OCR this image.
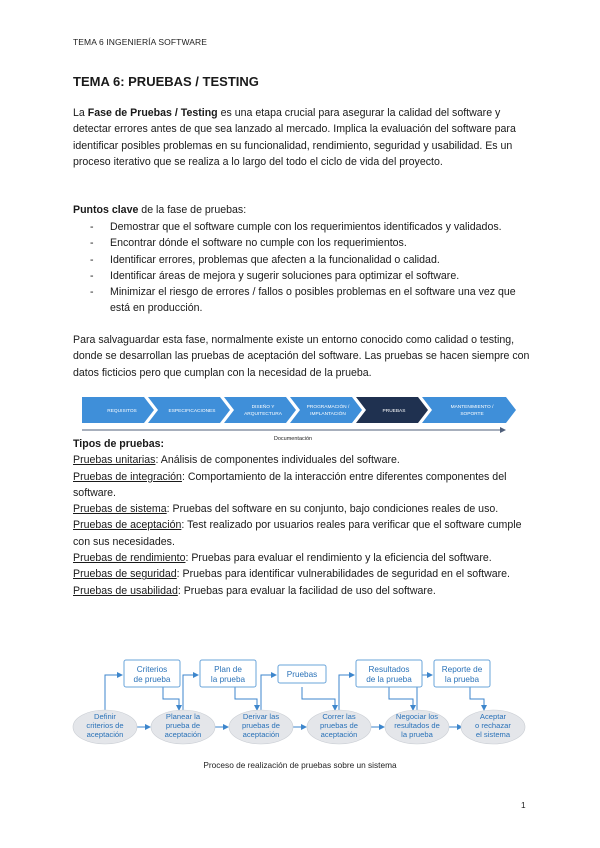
TEMA 6 INGENIERÍA SOFTWARE
TEMA 6: PRUEBAS / TESTING

La Fase de Pruebas / Testing es una etapa crucial para asegurar la calidad del software y detectar errores antes de que sea lanzado al mercado. Implica la evaluación del software para identificar posibles problemas en su funcionalidad, rendimiento, seguridad y usabilidad. Es un proceso iterativo que se realiza a lo largo del todo el ciclo de vida del proyecto.

Puntos clave de la fase de pruebas:

- Demostrar que el software cumple con los requerimientos identificados y validados.
- Encontrar dónde el software no cumple con los requerimientos.
- Identificar errores, problemas que afecten a la funcionalidad o calidad.
- Identificar áreas de mejora y sugerir soluciones para optimizar el software.
- Minimizar el riesgo de errores / fallos o posibles problemas en el software una vez que está en producción.

Para salvaguardar esta fase, normalmente existe un entorno conocido como calidad o testing, donde se desarrollan las pruebas de aceptación del software. Las pruebas se hacen siempre con datos ficticios pero que cumplan con la necesidad de la prueba.

REQUISITOS	ESPECIFICACIONES
DISEÑO Y
ARQUITECTURA
PROGRAMACIÓN /
IMPLANTACIÓN
PRUEBAS
MANTENIMIENTO /
SOPORTE
Documentación
Tipos de pruebas:

Pruebas unitarias: Análisis de componentes individuales del software.

Pruebas de integración: Comportamiento de la interacción entre diferentes componentes del software.

Pruebas de sistema: Pruebas del software en su conjunto, bajo condiciones reales de uso.

Pruebas de aceptación: Test realizado por usuarios reales para verificar que el software cumple con sus necesidades.

Pruebas de rendimiento: Pruebas para evaluar el rendimiento y la eficiencia del software.

Pruebas de seguridad: Pruebas para identificar vulnerabilidades de seguridad en el software.

Pruebas de usabilidad: Pruebas para evaluar la facilidad de uso del software.

Criterios
de prueba
Plan de
la prueba
Pruebas
Resultados
de la prueba
Reporte de
la prueba
Definir
criterios de
aceptación
Planear la
prueba de
aceptación
Derivar las
pruebas de
aceptación
Correr las
pruebas de
aceptación
Negociar los
resultados de
la prueba
Aceptar
o rechazar
el sistema
Proceso de realización de pruebas sobre un sistema
1
